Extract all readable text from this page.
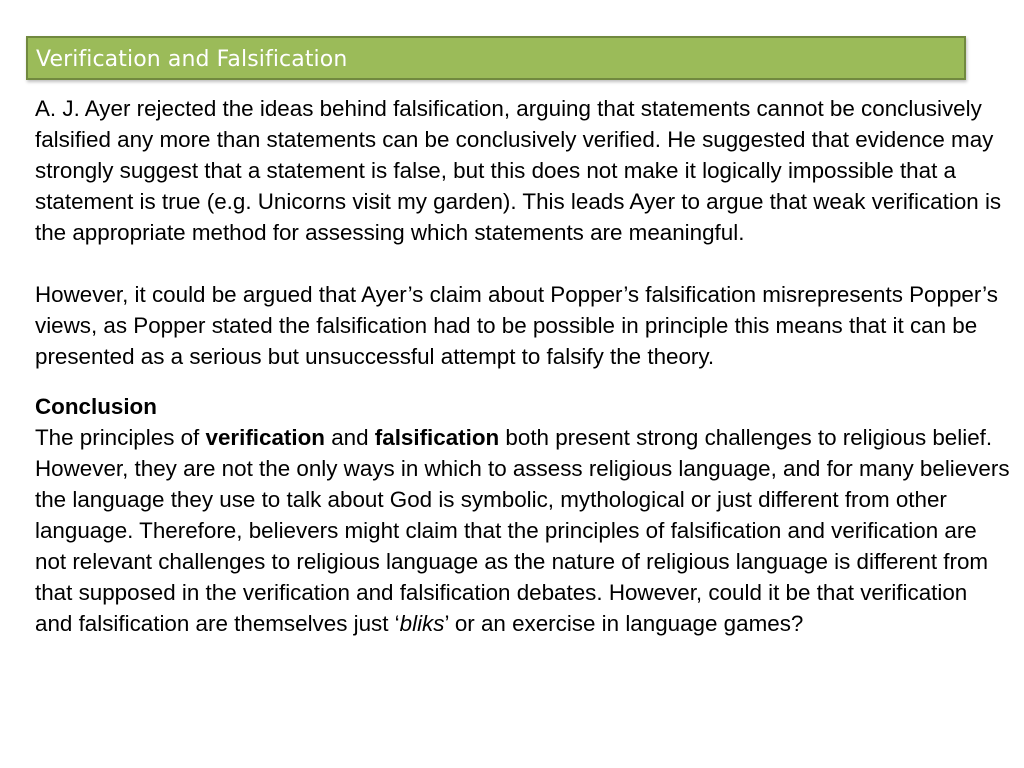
Verification and Falsification

A. J. Ayer rejected the ideas behind falsification, arguing that statements cannot be conclusively falsified any more than statements can be conclusively verified. He suggested that evidence may strongly suggest that a statement is false, but this does not make it logically impossible that a statement is true (e.g. Unicorns visit my garden). This leads Ayer to argue that weak verification is the appropriate method for assessing which statements are meaningful.

However, it could be argued that Ayer’s claim about Popper’s falsification misrepresents Popper’s views, as Popper stated the falsification had to be possible in principle this means that it can be presented as a serious but unsuccessful attempt to falsify the theory.

Conclusion

The principles of verification and falsification both present strong challenges to religious belief. However, they are not the only ways in which to assess religious language, and for many believers the language they use to talk about God is symbolic, mythological or just different from other language. Therefore, believers might claim that the principles of falsification and verification are not relevant challenges to religious language as the nature of religious language is different from that supposed in the verification and falsification debates. However, could it be that verification and falsification are themselves just ‘bliks’ or an exercise in language games?
